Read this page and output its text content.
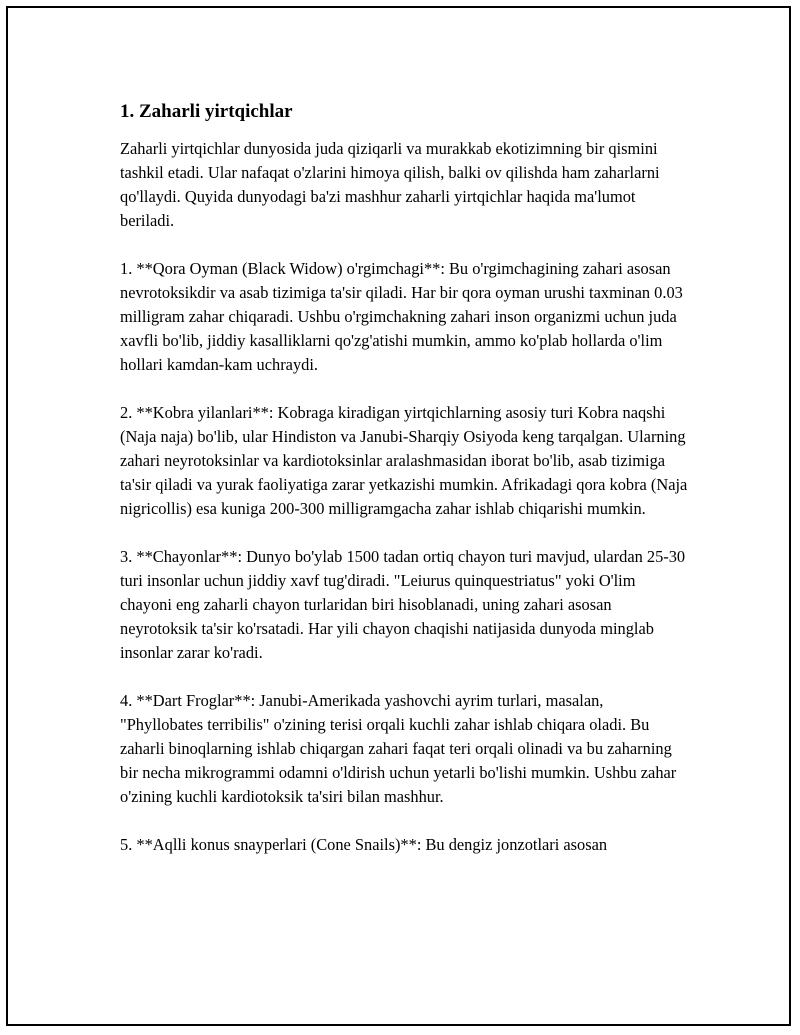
1. Zaharli yirtqichlar

Zaharli yirtqichlar dunyosida juda qiziqarli va murakkab ekotizimning bir qismini tashkil etadi. Ular nafaqat o'zlarini himoya qilish, balki ov qilishda ham zaharlarni qo'llaydi. Quyida dunyodagi ba'zi mashhur zaharli yirtqichlar haqida ma'lumot beriladi.

1. **Qora Oyman (Black Widow) o'rgimchagi**: Bu o'rgimchagining zahari asosan nevrotoksikdir va asab tizimiga ta'sir qiladi. Har bir qora oyman urushi taxminan 0.03 milligram zahar chiqaradi. Ushbu o'rgimchakning zahari inson organizmi uchun juda xavfli bo'lib, jiddiy kasalliklarni qo'zg'atishi mumkin, ammo ko'plab hollarda o'lim hollari kamdan-kam uchraydi.

2. **Kobra yilanlari**: Kobraga kiradigan yirtqichlarning asosiy turi Kobra naqshi (Naja naja) bo'lib, ular Hindiston va Janubi-Sharqiy Osiyoda keng tarqalgan. Ularning zahari neyrotoksinlar va kardiotoksinlar aralashmasidan iborat bo'lib, asab tizimiga ta'sir qiladi va yurak faoliyatiga zarar yetkazishi mumkin. Afrikadagi qora kobra (Naja nigricollis) esa kuniga 200-300 milligramgacha zahar ishlab chiqarishi mumkin.

3. **Chayonlar**: Dunyo bo'ylab 1500 tadan ortiq chayon turi mavjud, ulardan 25-30 turi insonlar uchun jiddiy xavf tug'diradi. "Leiurus quinquestriatus" yoki O'lim chayoni eng zaharli chayon turlaridan biri hisoblanadi, uning zahari asosan neyrotoksik ta'sir ko'rsatadi. Har yili chayon chaqishi natijasida dunyoda minglab insonlar zarar ko'radi.

4. **Dart Froglar**: Janubi-Amerikada yashovchi ayrim turlari, masalan, "Phyllobates terribilis" o'zining terisi orqali kuchli zahar ishlab chiqara oladi. Bu zaharli binoqlarning ishlab chiqargan zahari faqat teri orqali olinadi va bu zaharning bir necha mikrogrammi odamni o'ldirish uchun yetarli bo'lishi mumkin. Ushbu zahar o'zining kuchli kardiotoksik ta'siri bilan mashhur.

5. **Aqlli konus snayperlari (Cone Snails)**: Bu dengiz jonzotlari asosan
